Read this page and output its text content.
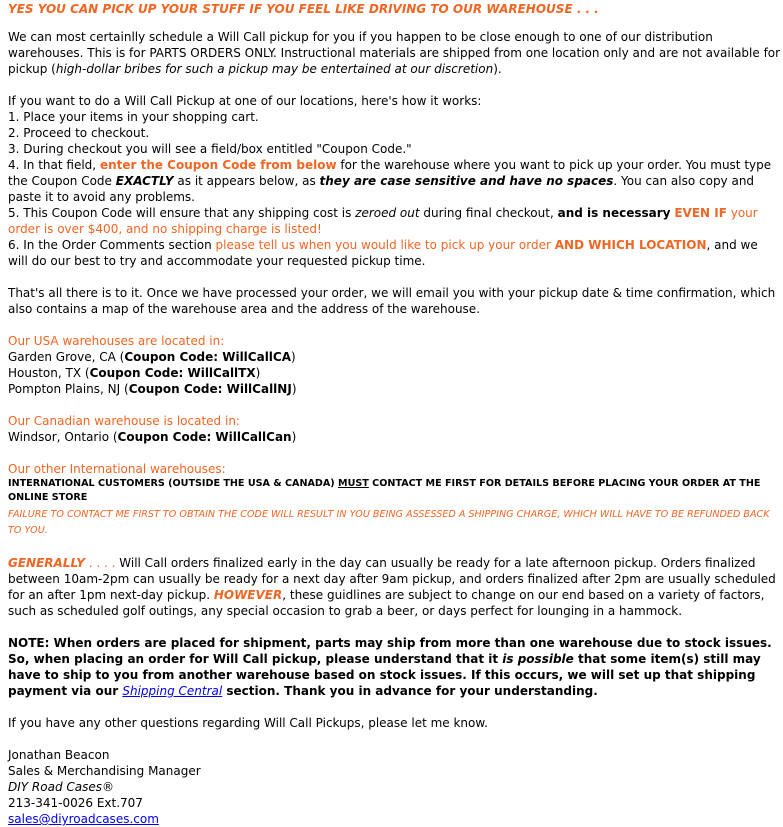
YES YOU CAN PICK UP YOUR STUFF IF YOU FEEL LIKE DRIVING TO OUR WAREHOUSE . . .

We can most certainlly schedule a Will Call pickup for you if you happen to be close enough to one of our distribution warehouses. This is for PARTS ORDERS ONLY. Instructional materials are shipped from one location only and are not available for pickup (high-dollar bribes for such a pickup may be entertained at our discretion).

If you want to do a Will Call Pickup at one of our locations, here's how it works:

1. Place your items in your shopping cart.

2. Proceed to checkout.

3. During checkout you will see a field/box entitled "Coupon Code."

4. In that field, enter the Coupon Code from below for the warehouse where you want to pick up your order. You must type the Coupon Code EXACTLY as it appears below, as they are case sensitive and have no spaces. You can also copy and paste it to avoid any problems.

5. This Coupon Code will ensure that any shipping cost is zeroed out during final checkout, and is necessary EVEN IF your order is over $400, and no shipping charge is listed!

6. In the Order Comments section please tell us when you would like to pick up your order AND WHICH LOCATION, and we will do our best to try and accommodate your requested pickup time.

That's all there is to it. Once we have processed your order, we will email you with your pickup date & time confirmation, which also contains a map of the warehouse area and the address of the warehouse.

Our USA warehouses are located in:

Garden Grove, CA (Coupon Code: WillCallCA)

Houston, TX (Coupon Code: WillCallTX)

Pompton Plains, NJ (Coupon Code: WillCallNJ)

Our Canadian warehouse is located in:

Windsor, Ontario (Coupon Code: WillCallCan)

Our other International warehouses:

INTERNATIONAL CUSTOMERS (OUTSIDE THE USA & CANADA) MUST CONTACT ME FIRST FOR DETAILS BEFORE PLACING YOUR ORDER AT THE ONLINE STORE

FAILURE TO CONTACT ME FIRST TO OBTAIN THE CODE WILL RESULT IN YOU BEING ASSESSED A SHIPPING CHARGE, WHICH WILL HAVE TO BE REFUNDED BACK TO YOU.

GENERALLY . . . . Will Call orders finalized early in the day can usually be ready for a late afternoon pickup. Orders finalized between 10am-2pm can usually be ready for a next day after 9am pickup, and orders finalized after 2pm are usually scheduled for an after 1pm next-day pickup. HOWEVER, these guidlines are subject to change on our end based on a variety of factors, such as scheduled golf outings, any special occasion to grab a beer, or days perfect for lounging in a hammock.

NOTE: When orders are placed for shipment, parts may ship from more than one warehouse due to stock issues. So, when placing an order for Will Call pickup, please understand that it is possible that some item(s) still may have to ship to you from another warehouse based on stock issues. If this occurs, we will set up that shipping payment via our Shipping Central section. Thank you in advance for your understanding.

If you have any other questions regarding Will Call Pickups, please let me know.

Jonathan Beacon

Sales & Merchandising Manager

DIY Road Cases®

213-341-0026 Ext.707

sales@diyroadcases.com
